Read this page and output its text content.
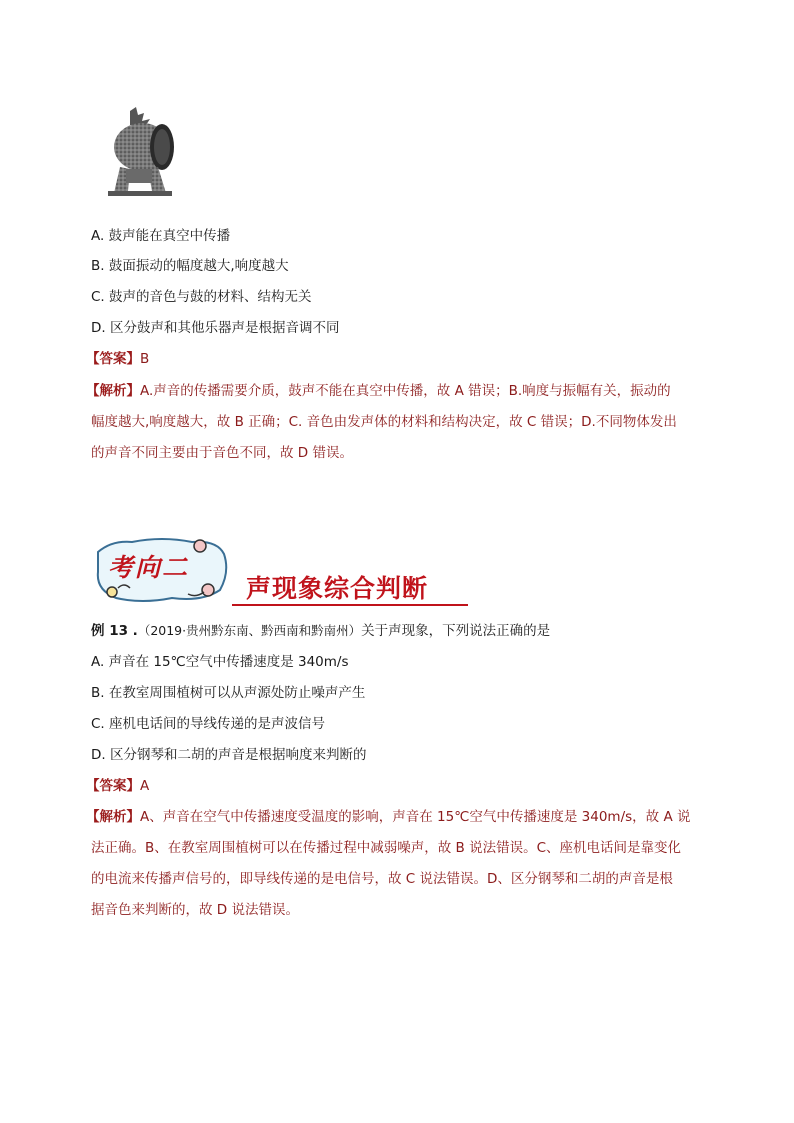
A. 鼓声能在真空中传播
B. 鼓面振动的幅度越大,响度越大
C. 鼓声的音色与鼓的材料、结构无关
D. 区分鼓声和其他乐器声是根据音调不同
【答案】B
【解析】A.声音的传播需要介质，鼓声不能在真空中传播，故 A 错误；B.响度与振幅有关，振动的
幅度越大,响度越大，故 B 正确；C. 音色由发声体的材料和结构决定，故 C 错误；D.不同物体发出
的声音不同主要由于音色不同，故 D 错误。
考向二
声现象综合判断
例 13 .（2019·贵州黔东南、黔西南和黔南州）关于声现象，下列说法正确的是
A. 声音在 15℃空气中传播速度是 340m/s
B. 在教室周围植树可以从声源处防止噪声产生
C. 座机电话间的导线传递的是声波信号
D. 区分钢琴和二胡的声音是根据响度来判断的
【答案】A
【解析】A、声音在空气中传播速度受温度的影响，声音在 15℃空气中传播速度是 340m/s，故 A 说
法正确。B、在教室周围植树可以在传播过程中减弱噪声，故 B 说法错误。C、座机电话间是靠变化
的电流来传播声信号的，即导线传递的是电信号，故 C 说法错误。D、区分钢琴和二胡的声音是根
据音色来判断的，故 D 说法错误。
